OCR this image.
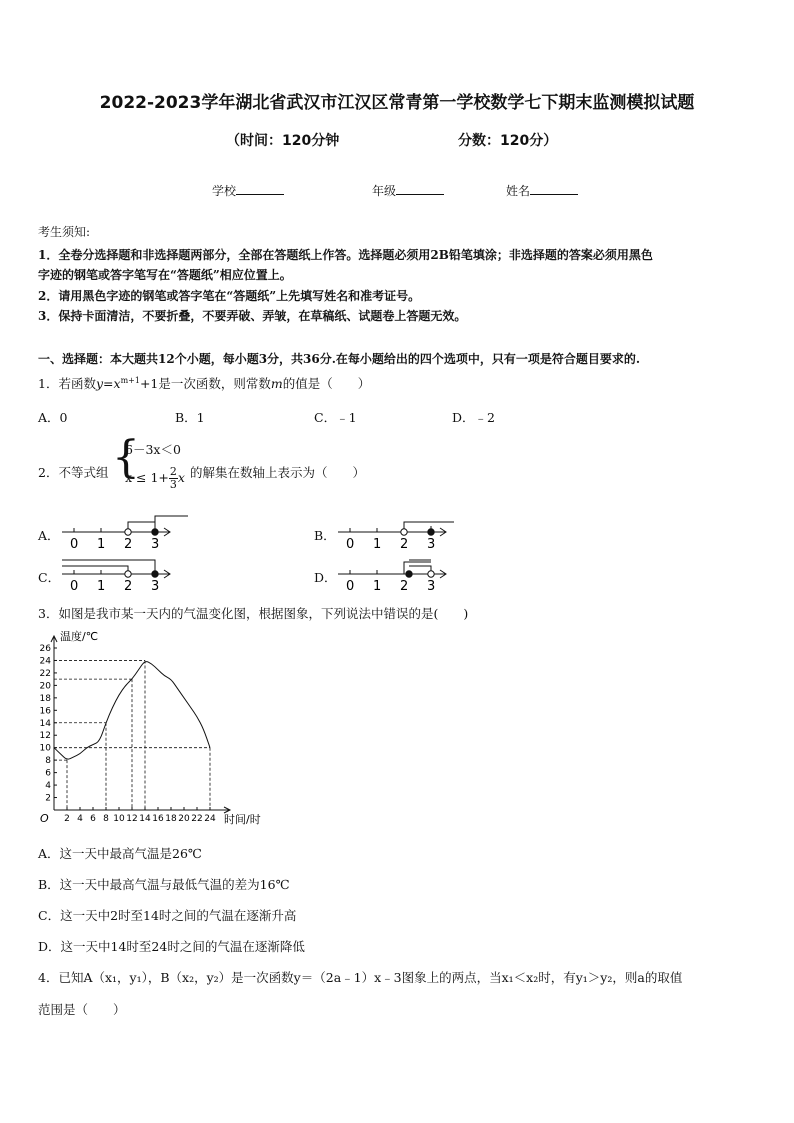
2022-2023学年湖北省武汉市江汉区常青第一学校数学七下期末监测模拟试题
（时间：120分钟	分数：120分）
学校	年级	姓名
考生须知:
1．全卷分选择题和非选择题两部分，全部在答题纸上作答。选择题必须用2B铅笔填涂；非选择题的答案必须用黑色
字迹的钢笔或答字笔写在“答题纸”相应位置上。
2．请用黑色字迹的钢笔或答字笔在“答题纸”上先填写姓名和准考证号。
3．保持卡面清洁，不要折叠，不要弄破、弄皱，在草稿纸、试题卷上答题无效。
一、选择题：本大题共12个小题，每小题3分，共36分.在每小题给出的四个选项中，只有一项是符合题目要求的.
1．若函数$y=x^{m+1}+1$是一次函数，则常数m的值是（　　）
A．0	B．1	C．﹣1	D．﹣2
2．不等式组 {
6－3x＜0
$x \le 1+ \frac{2}{3}$ x 的解集在数轴上表示为（　　）
A．
0 1 2 3
B．
0 1 2 3
C．
0 1 2 3
D．
0 1 2 3
3．如图是我市某一天内的气温变化图，根据图象，下列说法中错误的是(　　)
2 4 6 8 10 12 14 16 18 20 22 24
2
4
6
8
10
12
14
16
18
20
22
24
26
温度/℃
时间/时
O
A．这一天中最高气温是26℃
B．这一天中最高气温与最低气温的差为16℃
C．这一天中2时至14时之间的气温在逐渐升高
D．这一天中14时至24时之间的气温在逐渐降低
4．已知A（x₁，y₁），B（x₂，y₂）是一次函数y＝（2a﹣1）x﹣3图象上的两点，当x₁＜x₂时，有y₁＞y₂，则a的取值
范围是（　　）
